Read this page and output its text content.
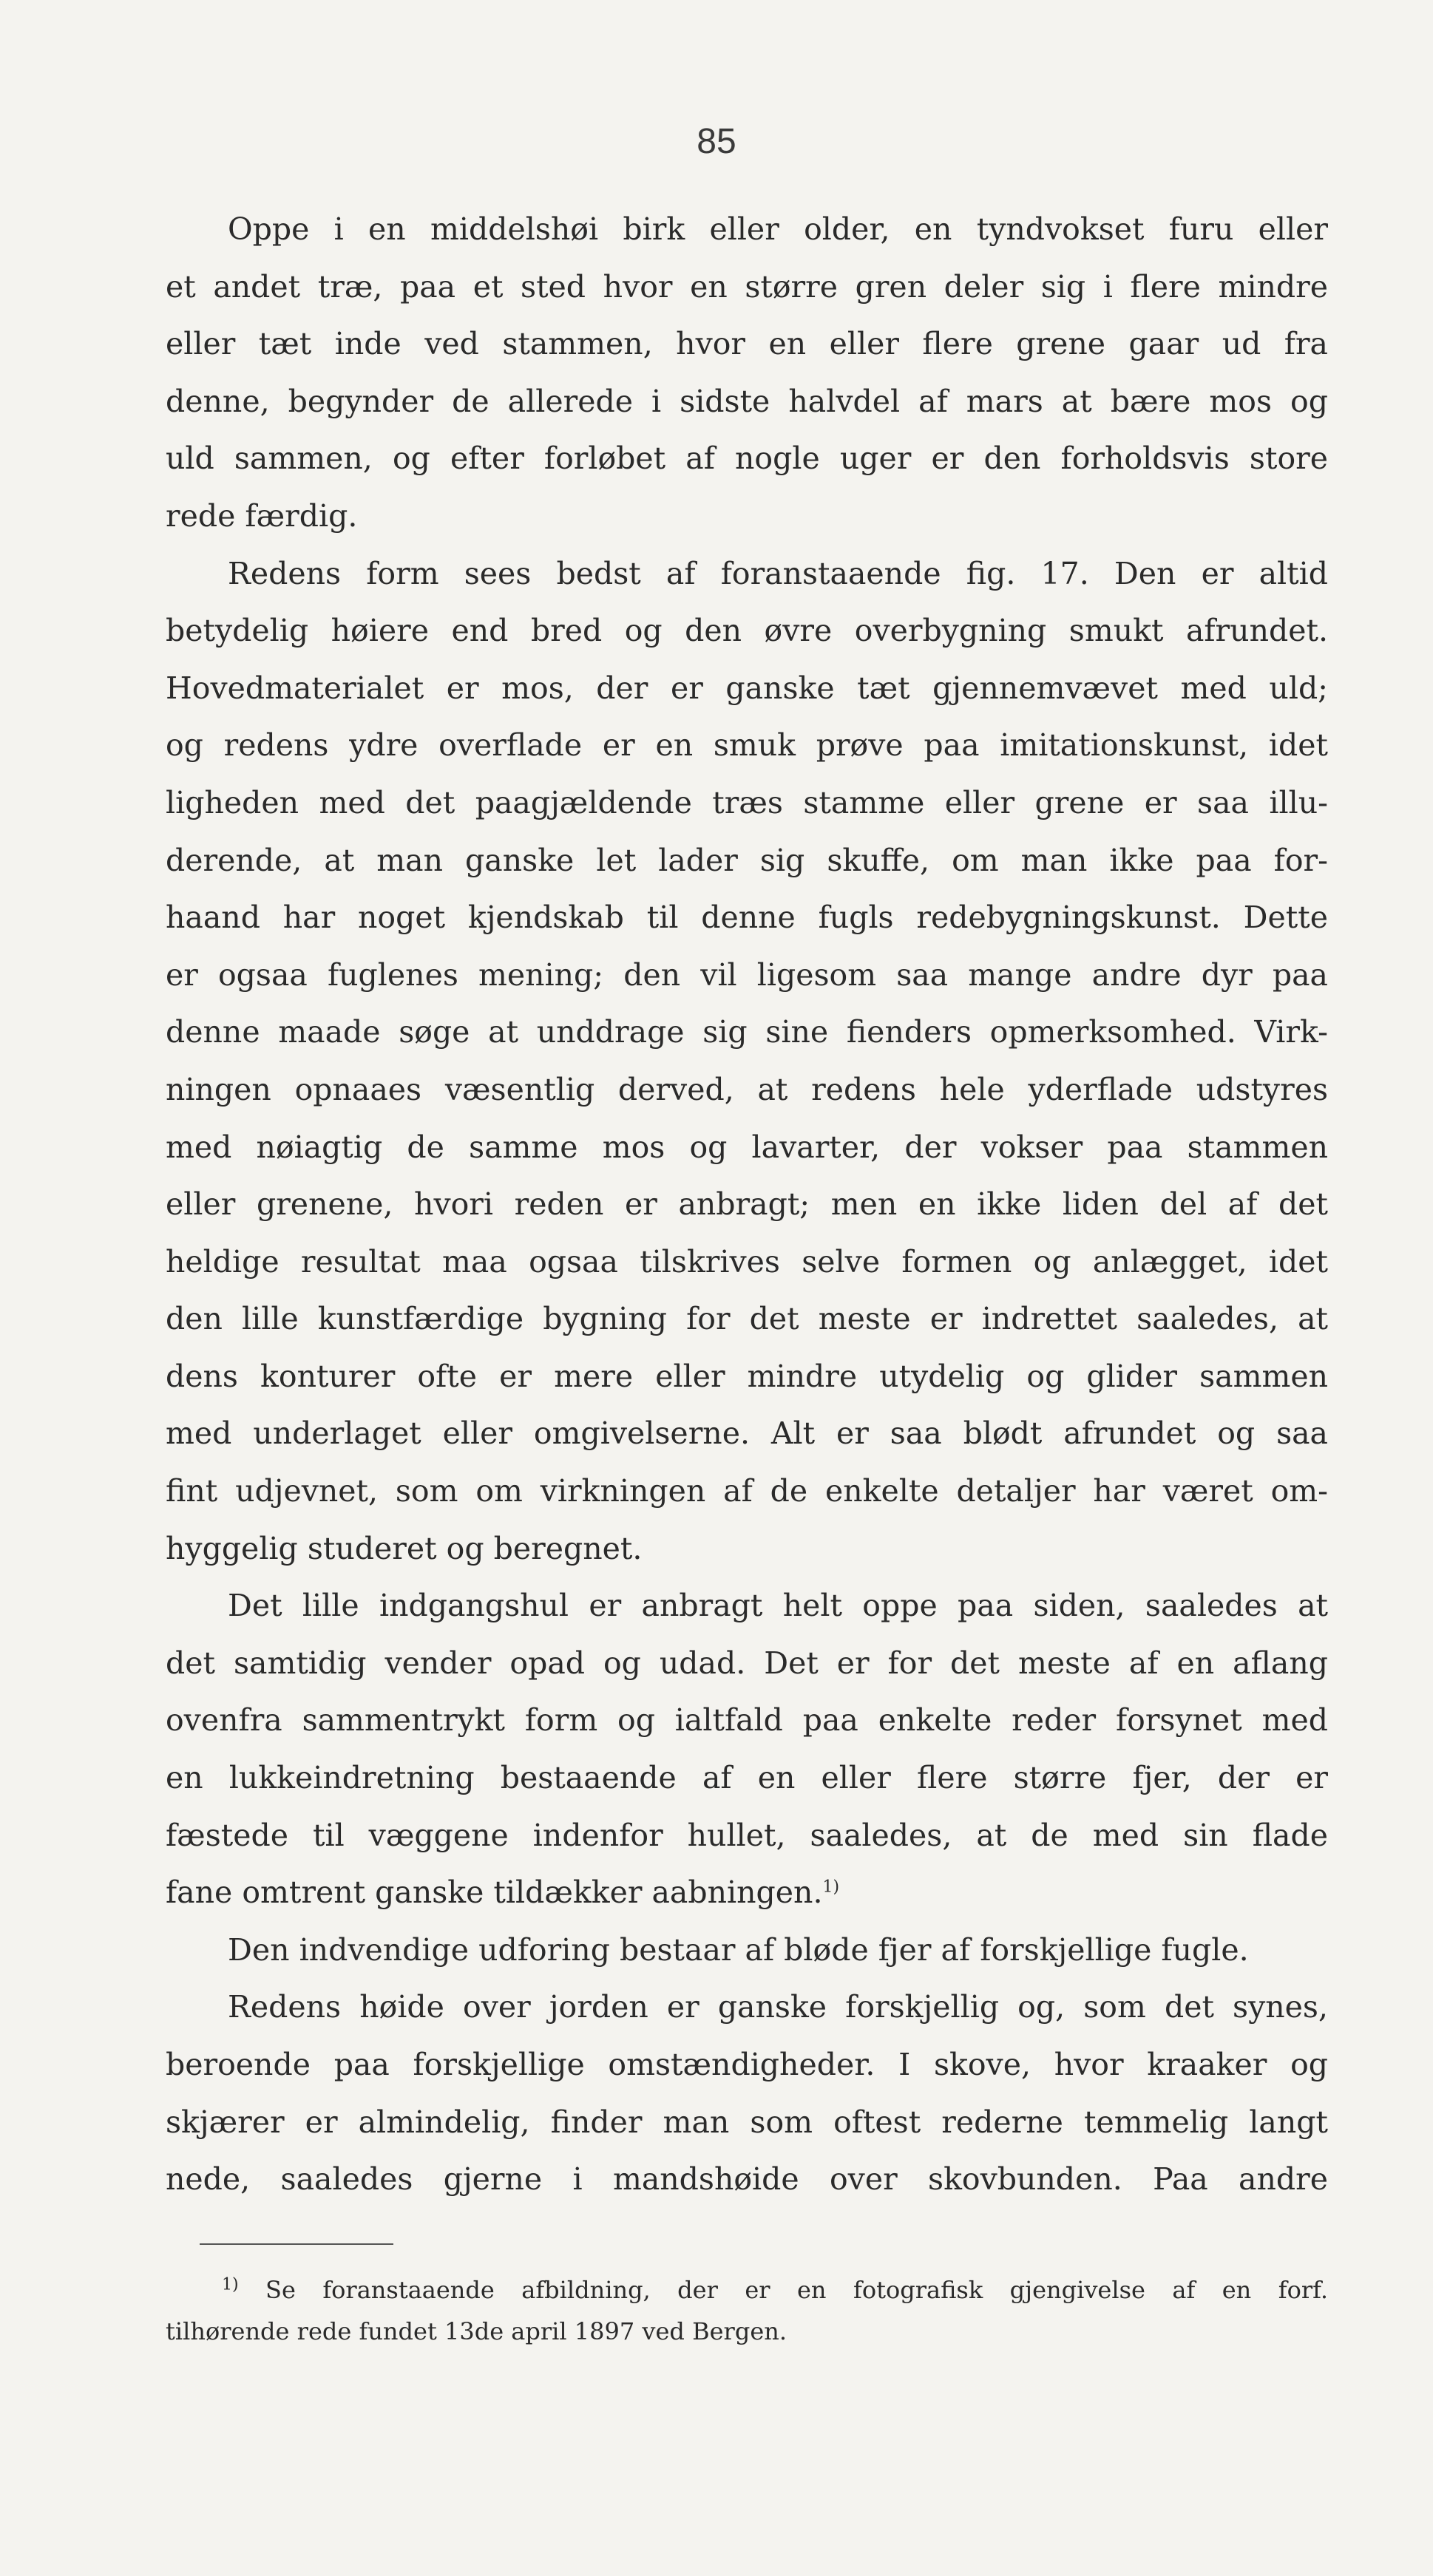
85
Oppe i en middelshøi birk eller older, en tyndvokset furu eller
et andet træ, paa et sted hvor en større gren deler sig i flere mindre
eller tæt inde ved stammen, hvor en eller flere grene gaar ud fra
denne, begynder de allerede i sidste halvdel af mars at bære mos og
uld sammen, og efter forløbet af nogle uger er den forholdsvis store
rede færdig.
Redens form sees bedst af foranstaaende fig. 17. Den er altid
betydelig høiere end bred og den øvre overbygning smukt afrundet.
Hovedmaterialet er mos, der er ganske tæt gjennemvævet med uld;
og redens ydre overflade er en smuk prøve paa imitationskunst, idet
ligheden med det paagjældende træs stamme eller grene er saa illu-
derende, at man ganske let lader sig skuffe, om man ikke paa for-
haand har noget kjendskab til denne fugls redebygningskunst. Dette
er ogsaa fuglenes mening; den vil ligesom saa mange andre dyr paa
denne maade søge at unddrage sig sine fienders opmerksomhed. Virk-
ningen opnaaes væsentlig derved, at redens hele yderflade udstyres
med nøiagtig de samme mos og lavarter, der vokser paa stammen
eller grenene, hvori reden er anbragt; men en ikke liden del af det
heldige resultat maa ogsaa tilskrives selve formen og anlægget, idet
den lille kunstfærdige bygning for det meste er indrettet saaledes, at
dens konturer ofte er mere eller mindre utydelig og glider sammen
med underlaget eller omgivelserne. Alt er saa blødt afrundet og saa
fint udjevnet, som om virkningen af de enkelte detaljer har været om-
hyggelig studeret og beregnet.
Det lille indgangshul er anbragt helt oppe paa siden, saaledes at
det samtidig vender opad og udad. Det er for det meste af en aflang
ovenfra sammentrykt form og ialtfald paa enkelte reder forsynet med
en lukkeindretning bestaaende af en eller flere større fjer, der er
fæstede til væggene indenfor hullet, saaledes, at de med sin flade
fane omtrent ganske tildækker aabningen.$^{1)}$
Den indvendige udforing bestaar af bløde fjer af forskjellige fugle.
Redens høide over jorden er ganske forskjellig og, som det synes,
beroende paa forskjellige omstændigheder. I skove, hvor kraaker og
skjærer er almindelig, finder man som oftest rederne temmelig langt
nede, saaledes gjerne i mandshøide over skovbunden. Paa andre
$^{1)}$ Se foranstaaende afbildning, der er en fotografisk gjengivelse af en forf.
tilhørende rede fundet 13de april 1897 ved Bergen.
